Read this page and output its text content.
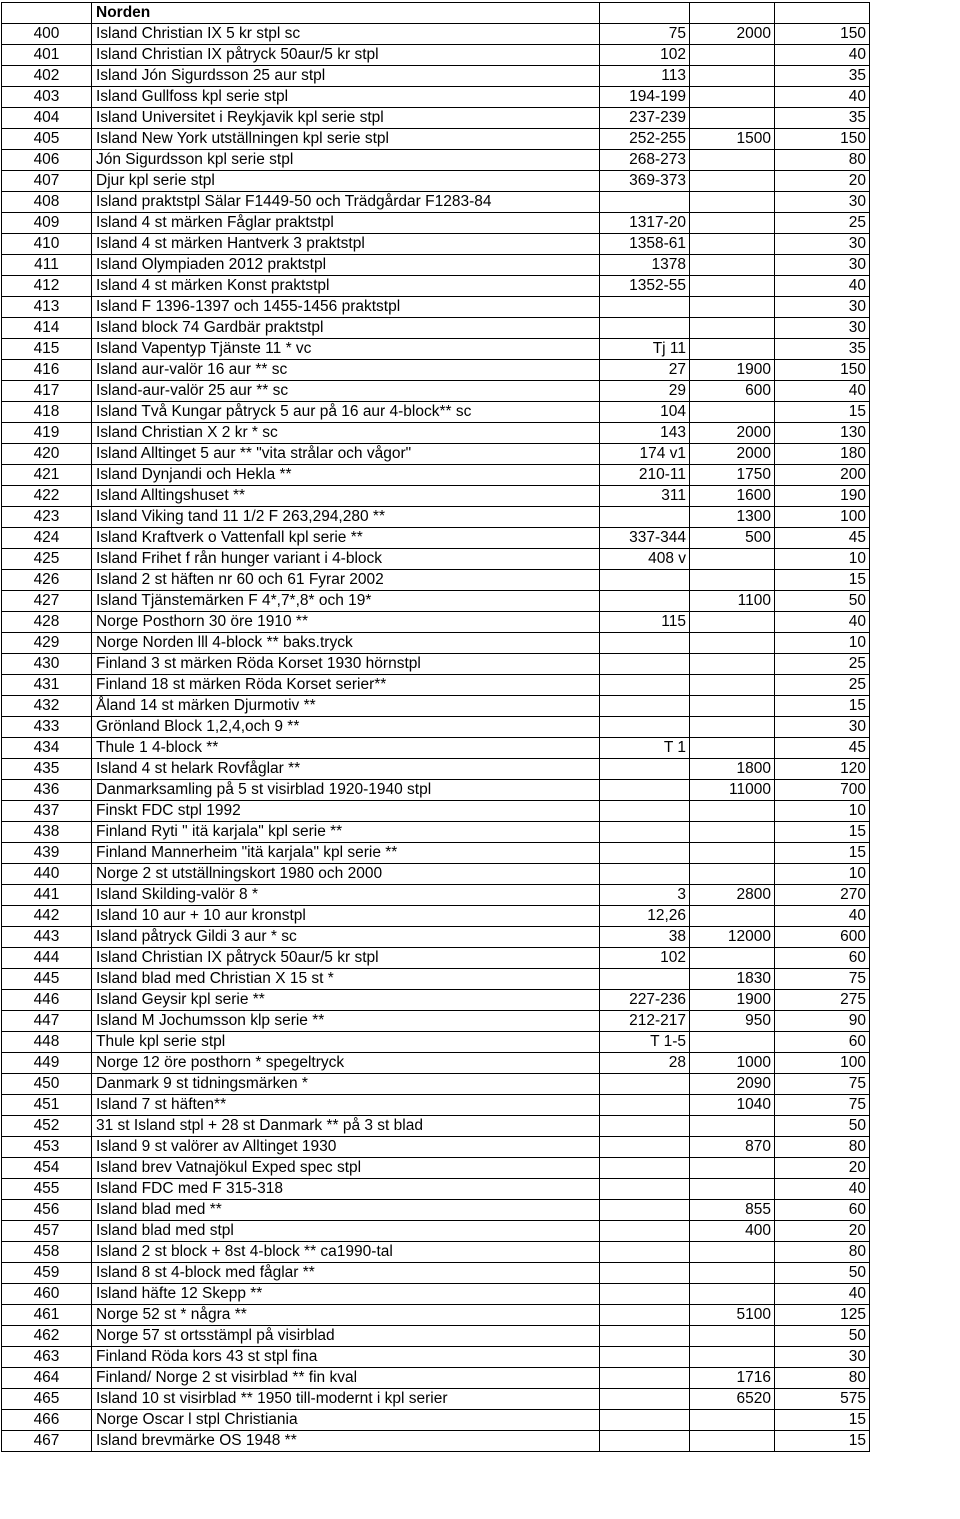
	Norden			
400	Island Christian IX 5 kr stpl sc	75	2000	150
401	Island Christian IX påtryck 50aur/5 kr stpl	102		40
402	Island Jón Sigurdsson 25 aur stpl	113		35
403	Island Gullfoss kpl serie stpl	194-199		40
404	Island Universitet i Reykjavik kpl serie stpl	237-239		35
405	Island New York utställningen kpl serie stpl	252-255	1500	150
406	Jón Sigurdsson kpl serie stpl	268-273		80
407	Djur kpl serie stpl	369-373		20
408	Island praktstpl Sälar F1449-50 och Trädgårdar F1283-84			30
409	Island 4 st märken Fåglar praktstpl	1317-20		25
410	Island 4 st märken Hantverk 3 praktstpl	1358-61		30
411	Island Olympiaden 2012 praktstpl	1378		30
412	Island 4 st märken Konst praktstpl	1352-55		40
413	Island F 1396-1397 och 1455-1456 praktstpl			30
414	Island block 74 Gardbär praktstpl			30
415	Island Vapentyp Tjänste 11 * vc	Tj 11		35
416	Island aur-valör 16 aur ** sc	27	1900	150
417	Island-aur-valör 25 aur ** sc	29	600	40
418	Island Två Kungar påtryck 5 aur på 16 aur 4-block** sc	104		15
419	Island Christian X 2 kr * sc	143	2000	130
420	Island Alltinget 5 aur ** "vita strålar och vågor"	174 v1	2000	180
421	Island Dynjandi och Hekla **	210-11	1750	200
422	Island Alltingshuset **	311	1600	190
423	Island Viking tand 11 1/2 F 263,294,280 **		1300	100
424	Island Kraftverk o Vattenfall kpl serie **	337-344	500	45
425	Island Frihet f rån hunger variant i 4-block	408 v		10
426	Island 2 st häften nr 60 och 61 Fyrar 2002			15
427	Island Tjänstemärken F 4*,7*,8* och 19*		1100	50
428	Norge Posthorn 30 öre 1910 **	115		40
429	Norge Norden lll 4-block ** baks.tryck			10
430	Finland 3 st märken Röda Korset 1930 hörnstpl			25
431	Finland 18 st märken Röda Korset serier**			25
432	Åland 14 st märken Djurmotiv **			15
433	Grönland Block 1,2,4,och 9 **			30
434	Thule 1 4-block **	T 1		45
435	Island 4 st helark Rovfåglar **		1800	120
436	Danmarksamling på 5 st visirblad 1920-1940 stpl		11000	700
437	Finskt FDC stpl 1992			10
438	Finland Ryti " itä karjala" kpl serie **			15
439	Finland Mannerheim "itä karjala" kpl serie **			15
440	Norge 2 st utställningskort 1980 och 2000			10
441	Island Skilding-valör 8 *	3	2800	270
442	Island 10 aur + 10 aur kronstpl	12,26		40
443	Island påtryck Gildi 3 aur * sc	38	12000	600
444	Island Christian IX påtryck 50aur/5 kr stpl	102		60
445	Island blad med Christian X 15 st *		1830	75
446	Island Geysir kpl serie **	227-236	1900	275
447	Island M Jochumsson klp serie **	212-217	950	90
448	Thule kpl serie stpl	T 1-5		60
449	Norge 12 öre posthorn * spegeltryck	28	1000	100
450	Danmark 9 st tidningsmärken *		2090	75
451	Island 7 st häften**		1040	75
452	31 st Island stpl + 28 st Danmark ** på 3 st blad			50
453	Island 9 st valörer av Alltinget 1930		870	80
454	Island brev Vatnajökul Exped spec stpl			20
455	Island FDC med F 315-318			40
456	Island blad med **		855	60
457	Island blad med stpl		400	20
458	Island 2 st block + 8st 4-block ** ca1990-tal			80
459	Island 8 st 4-block med fåglar **			50
460	Island häfte 12 Skepp **			40
461	Norge 52 st * några **		5100	125
462	Norge 57 st ortsstämpl på visirblad			50
463	Finland Röda kors 43 st stpl fina			30
464	Finland/ Norge 2 st visirblad ** fin kval		1716	80
465	Island 10 st visirblad ** 1950 till-modernt i kpl serier		6520	575
466	Norge Oscar l stpl Christiania			15
467	Island brevmärke OS 1948 **			15
